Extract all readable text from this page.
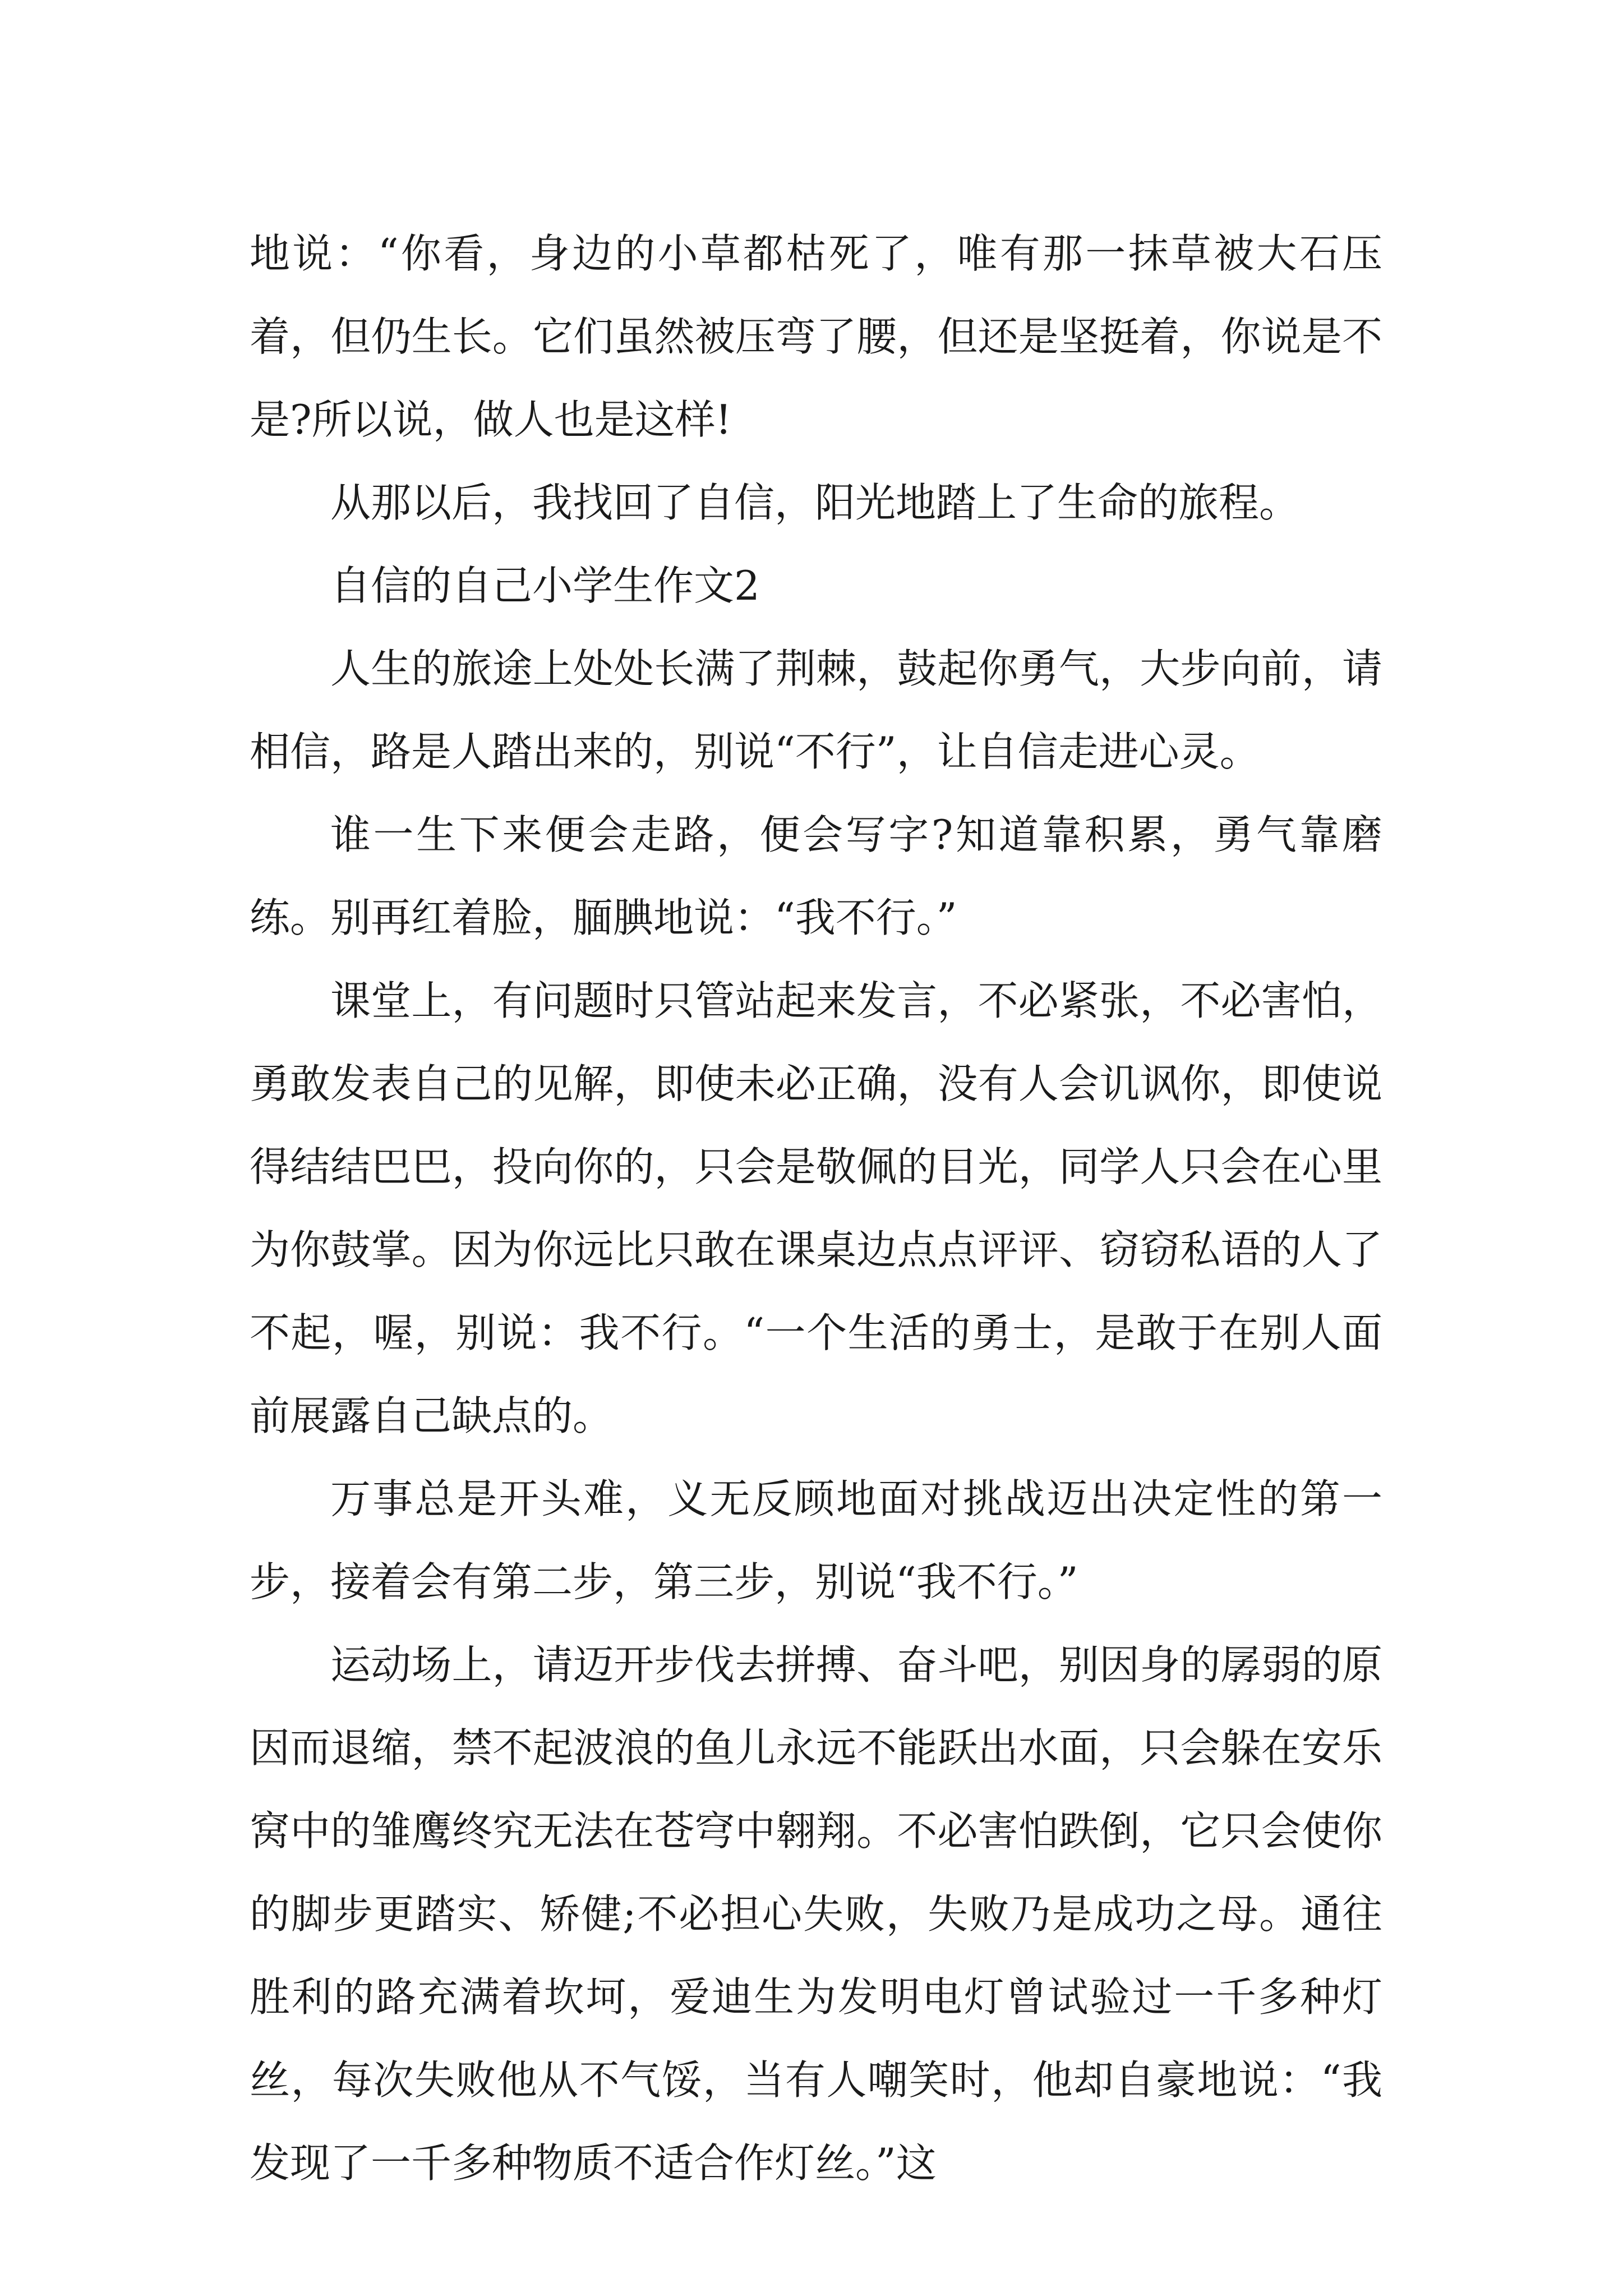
地说：“你看，身边的小草都枯死了，唯有那一抹草被大石压着，但仍生长。它们虽然被压弯了腰，但还是坚挺着，你说是不是?所以说，做人也是这样!

从那以后，我找回了自信，阳光地踏上了生命的旅程。

自信的自己小学生作文2

人生的旅途上处处长满了荆棘，鼓起你勇气，大步向前，请相信，路是人踏出来的，别说“不行”，让自信走进心灵。

谁一生下来便会走路，便会写字?知道靠积累，勇气靠磨练。别再红着脸，腼腆地说：“我不行。”

课堂上，有问题时只管站起来发言，不必紧张，不必害怕，勇敢发表自己的见解，即使未必正确，没有人会讥讽你，即使说得结结巴巴，投向你的，只会是敬佩的目光，同学人只会在心里为你鼓掌。因为你远比只敢在课桌边点点评评、窃窃私语的人了不起，喔，别说：我不行。“一个生活的勇士，是敢于在别人面前展露自己缺点的。

万事总是开头难，义无反顾地面对挑战迈出决定性的第一步，接着会有第二步，第三步，别说“我不行。”

运动场上，请迈开步伐去拼搏、奋斗吧，别因身的孱弱的原因而退缩，禁不起波浪的鱼儿永远不能跃出水面，只会躲在安乐窝中的雏鹰终究无法在苍穹中翱翔。不必害怕跌倒，它只会使你的脚步更踏实、矫健;不必担心失败，失败乃是成功之母。通往胜利的路充满着坎坷，爱迪生为发明电灯曾试验过一千多种灯丝，每次失败他从不气馁，当有人嘲笑时，他却自豪地说：“我发现了一千多种物质不适合作灯丝。”这
